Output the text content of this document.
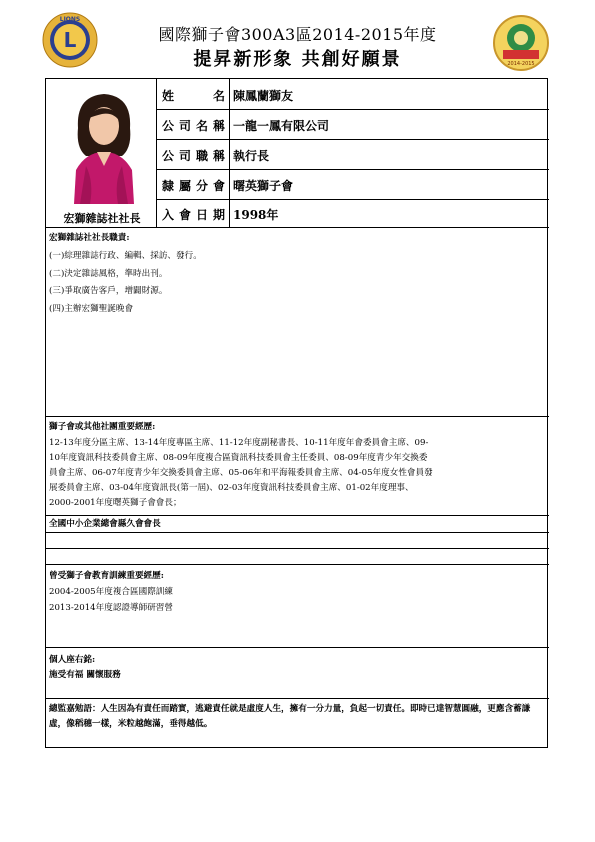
L
LIONS
國際獅子會300A3區2014-2015年度
提昇新形象 共創好願景	2014-2015
宏獅雜誌社社長
姓　　名 陳鳳蘭獅友
公司名稱 一龍一鳳有限公司
公司職稱 執行長
隸屬分會 曙英獅子會
入會日期 1998年
宏獅雜誌社社長職責:
(一)綜理雜誌行政、編輯、採訪、發行。
(二)決定雜誌風格，準時出刊。
(三)爭取廣告客戶，增闢財源。
(四)主辦宏獅聖誕晚會
獅子會或其他社團重要經歷:
12-13年度分區主席、13-14年度專區主席、11-12年度副秘書長、10-11年度年會委員會主席、09-
10年度資訊科技委員會主席、08-09年度複合區資訊科技委員會主任委員、08-09年度青少年交換委
員會主席、06-07年度青少年交換委員會主席、05-06年和平海報委員會主席、04-05年度女性會員發
展委員會主席、03-04年度資訊長(第一屆)、02-03年度資訊科技委員會主席、01-02年度理事、
2000-2001年度曙英獅子會會長；
全國中小企業總會縣久會會長
曾受獅子會教育訓練重要經歷:
2004-2005年度複合區國際訓練
2013-2014年度認證導師研習營
個人座右銘:
施受有福 關懷服務
總監嘉勉語：人生因為有責任而踏實，逃避責任就是虛度人生，擁有一分力量，負起一切責任。即時已達智慧圓融，更應含蓄謙虛，像稻穗一樣，米粒越飽滿，垂得越低。
